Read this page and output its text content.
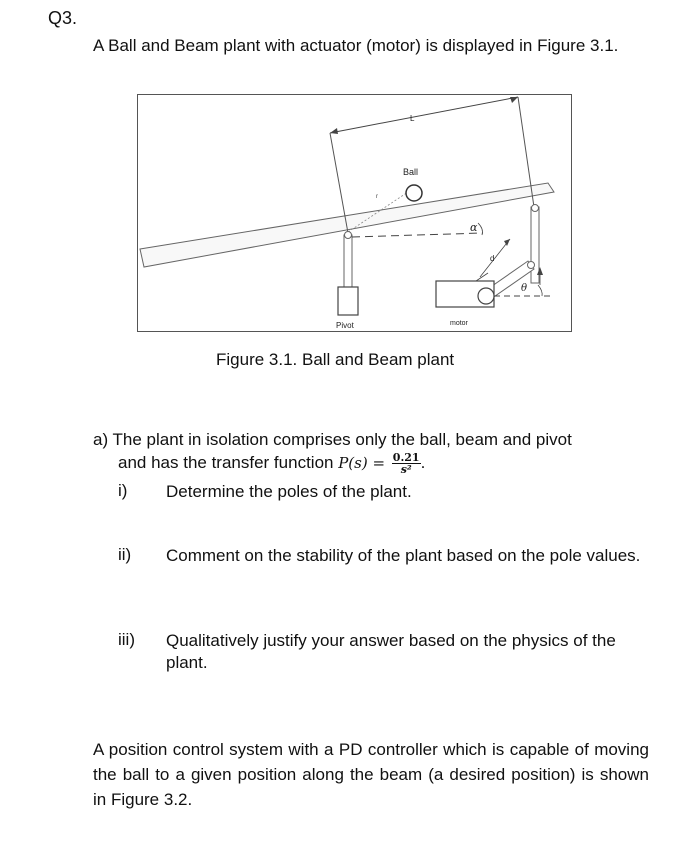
Q3.
A Ball and Beam plant with actuator (motor) is displayed in Figure 3.1.
L
Ball
r
α
d
θ
Pivot	motor
Figure 3.1. Ball and Beam plant
a) The plant in isolation comprises only the ball, beam and pivot
and has the transfer function $P(s) = \frac{0.21}{\text{s²}}$ .
i) Determine the poles of the plant.
ii) Comment on the stability of the plant based on the pole values.
iii) Qualitatively justify your answer based on the physics of the plant.
A position control system with a PD controller which is capable of moving the ball to a given position along the beam (a desired position) is shown in Figure 3.2.
